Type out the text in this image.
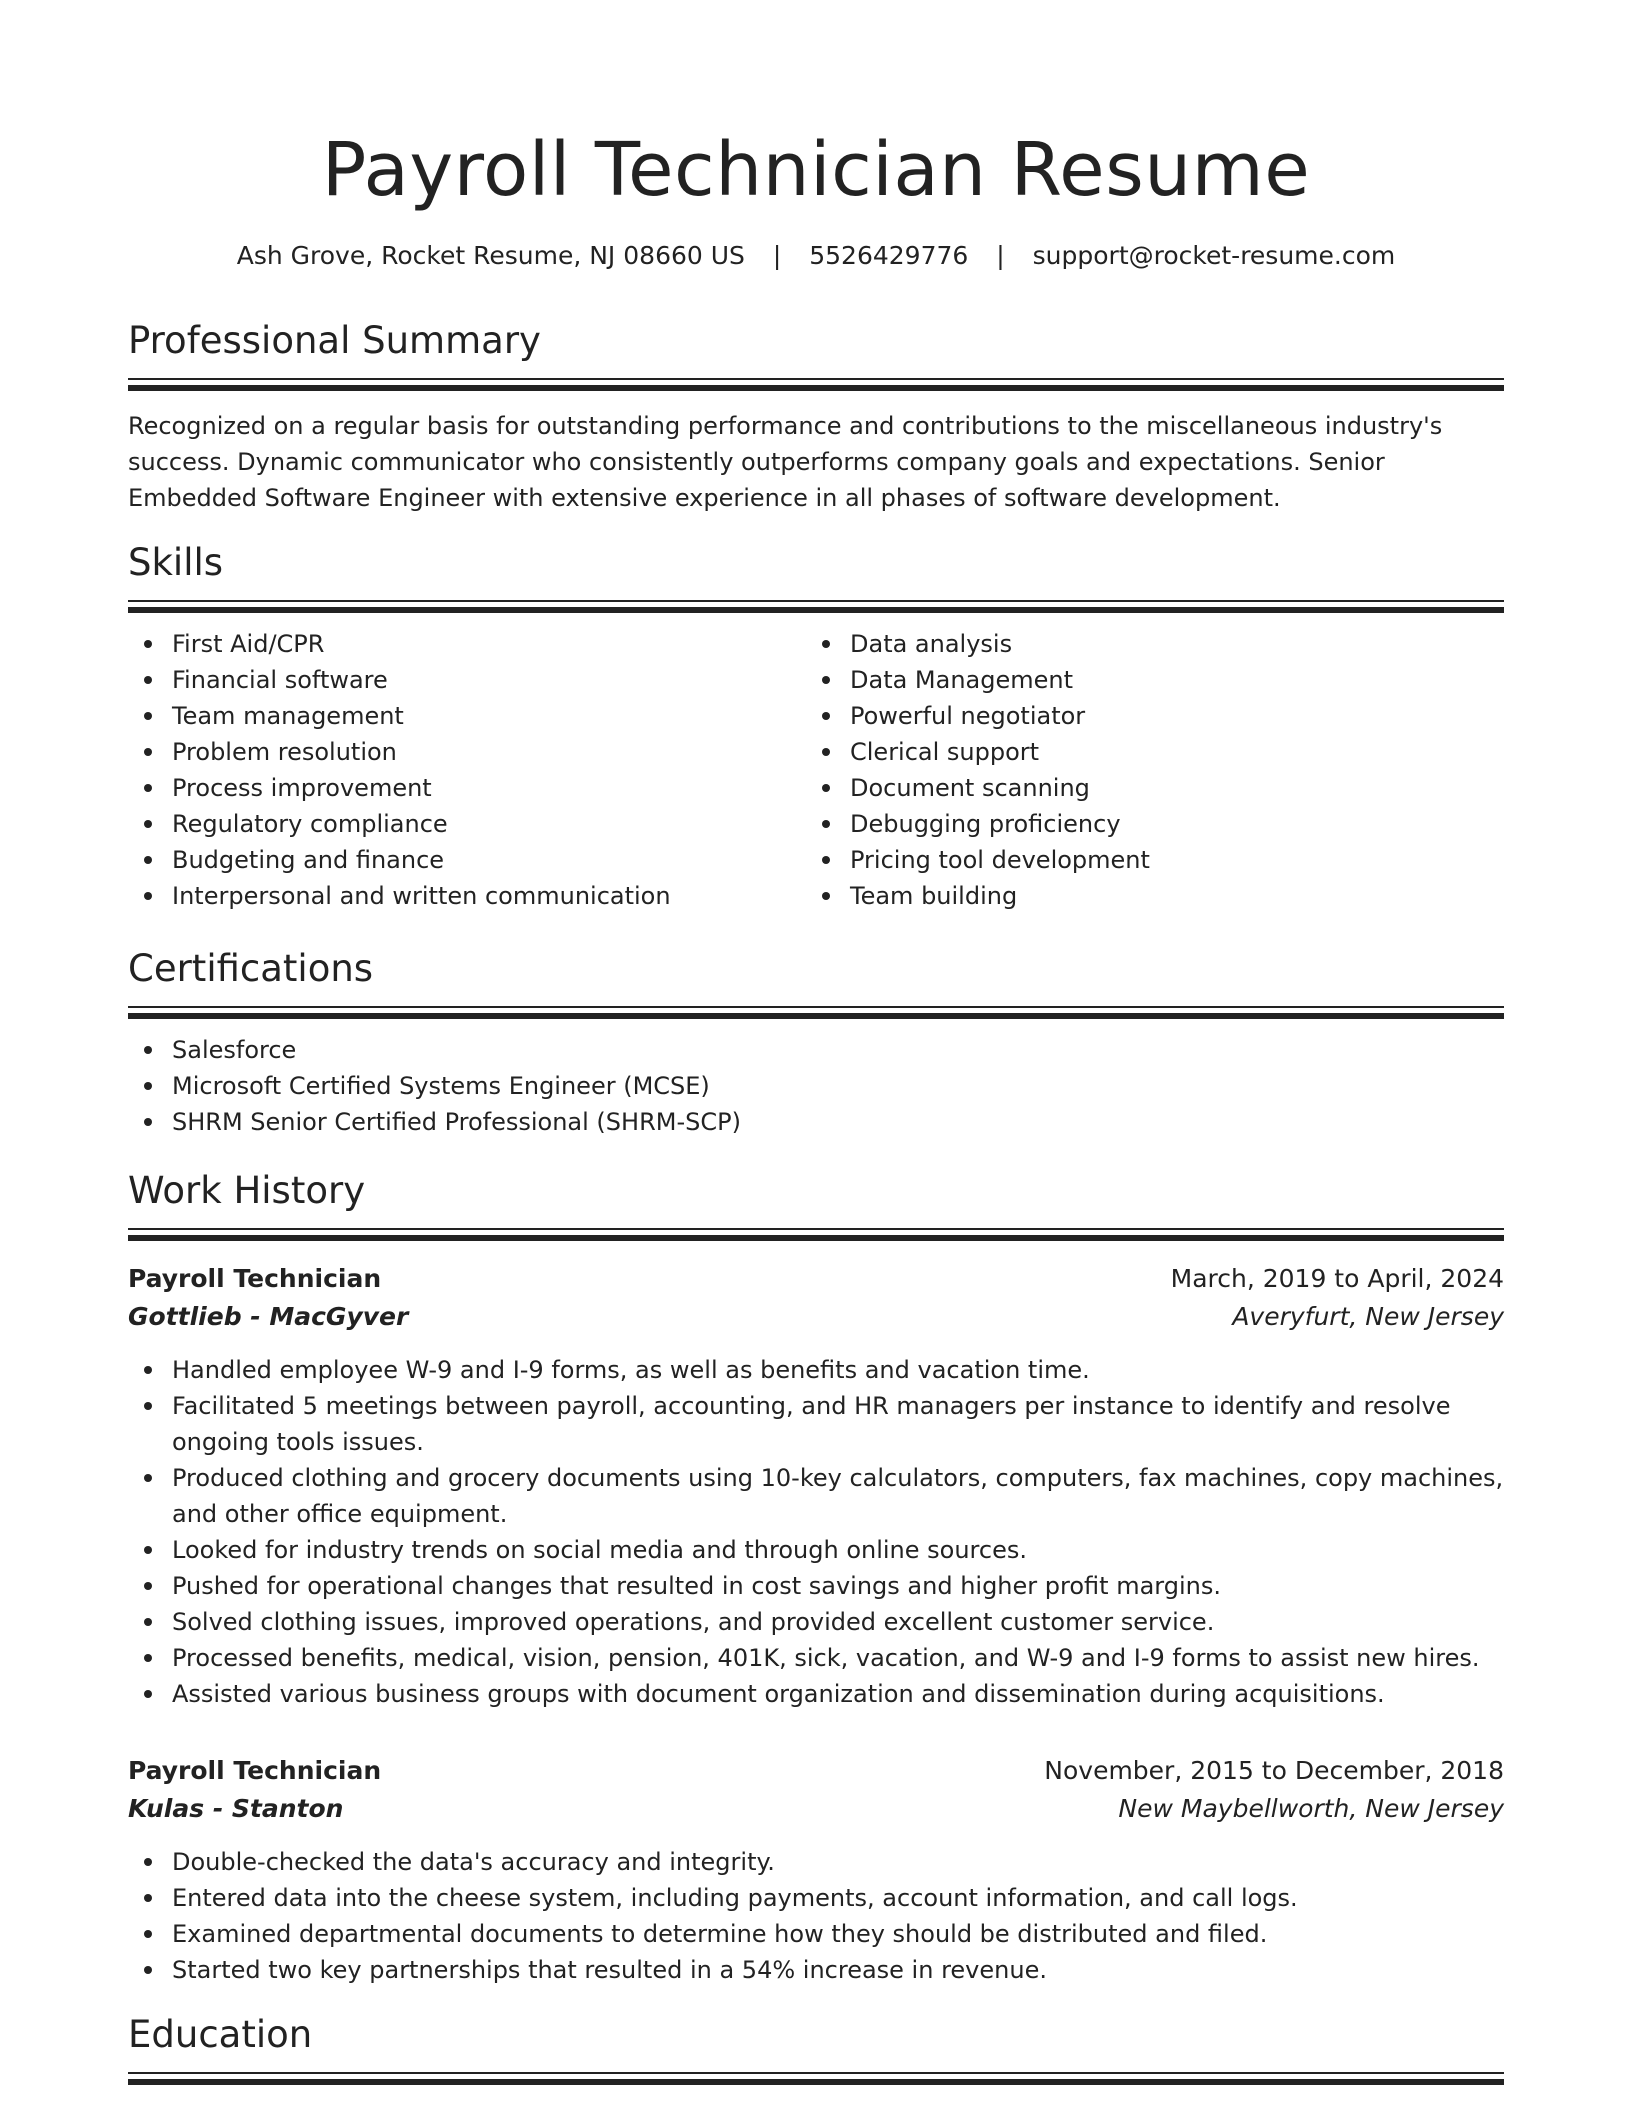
Payroll Technician Resume
Ash Grove, Rocket Resume, NJ 08660 US | 5526429776 | support@rocket-resume.com
Professional Summary

Recognized on a regular basis for outstanding performance and contributions to the miscellaneous industry's success. Dynamic communicator who consistently outperforms company goals and expectations. Senior Embedded Software Engineer with extensive experience in all phases of software development.

Skills
First Aid/CPR
Financial software
Team management
Problem resolution
Process improvement
Regulatory compliance
Budgeting and finance
Interpersonal and written communication
Data analysis
Data Management
Powerful negotiator
Clerical support
Document scanning
Debugging proficiency
Pricing tool development
Team building
Certifications
Salesforce
Microsoft Certified Systems Engineer (MCSE)
SHRM Senior Certified Professional (SHRM-SCP)
Work History
Payroll Technician	March, 2019 to April, 2024
Gottlieb - MacGyver	Averyfurt, New Jersey
Handled employee W-9 and I-9 forms, as well as benefits and vacation time.
Facilitated 5 meetings between payroll, accounting, and HR managers per instance to identify and resolve ongoing tools issues.
Produced clothing and grocery documents using 10-key calculators, computers, fax machines, copy machines, and other office equipment.
Looked for industry trends on social media and through online sources.
Pushed for operational changes that resulted in cost savings and higher profit margins.
Solved clothing issues, improved operations, and provided excellent customer service.
Processed benefits, medical, vision, pension, 401K, sick, vacation, and W-9 and I-9 forms to assist new hires.
Assisted various business groups with document organization and dissemination during acquisitions.
Payroll Technician	November, 2015 to December, 2018
Kulas - Stanton	New Maybellworth, New Jersey
Double-checked the data's accuracy and integrity.
Entered data into the cheese system, including payments, account information, and call logs.
Examined departmental documents to determine how they should be distributed and filed.
Started two key partnerships that resulted in a 54% increase in revenue.
Education
